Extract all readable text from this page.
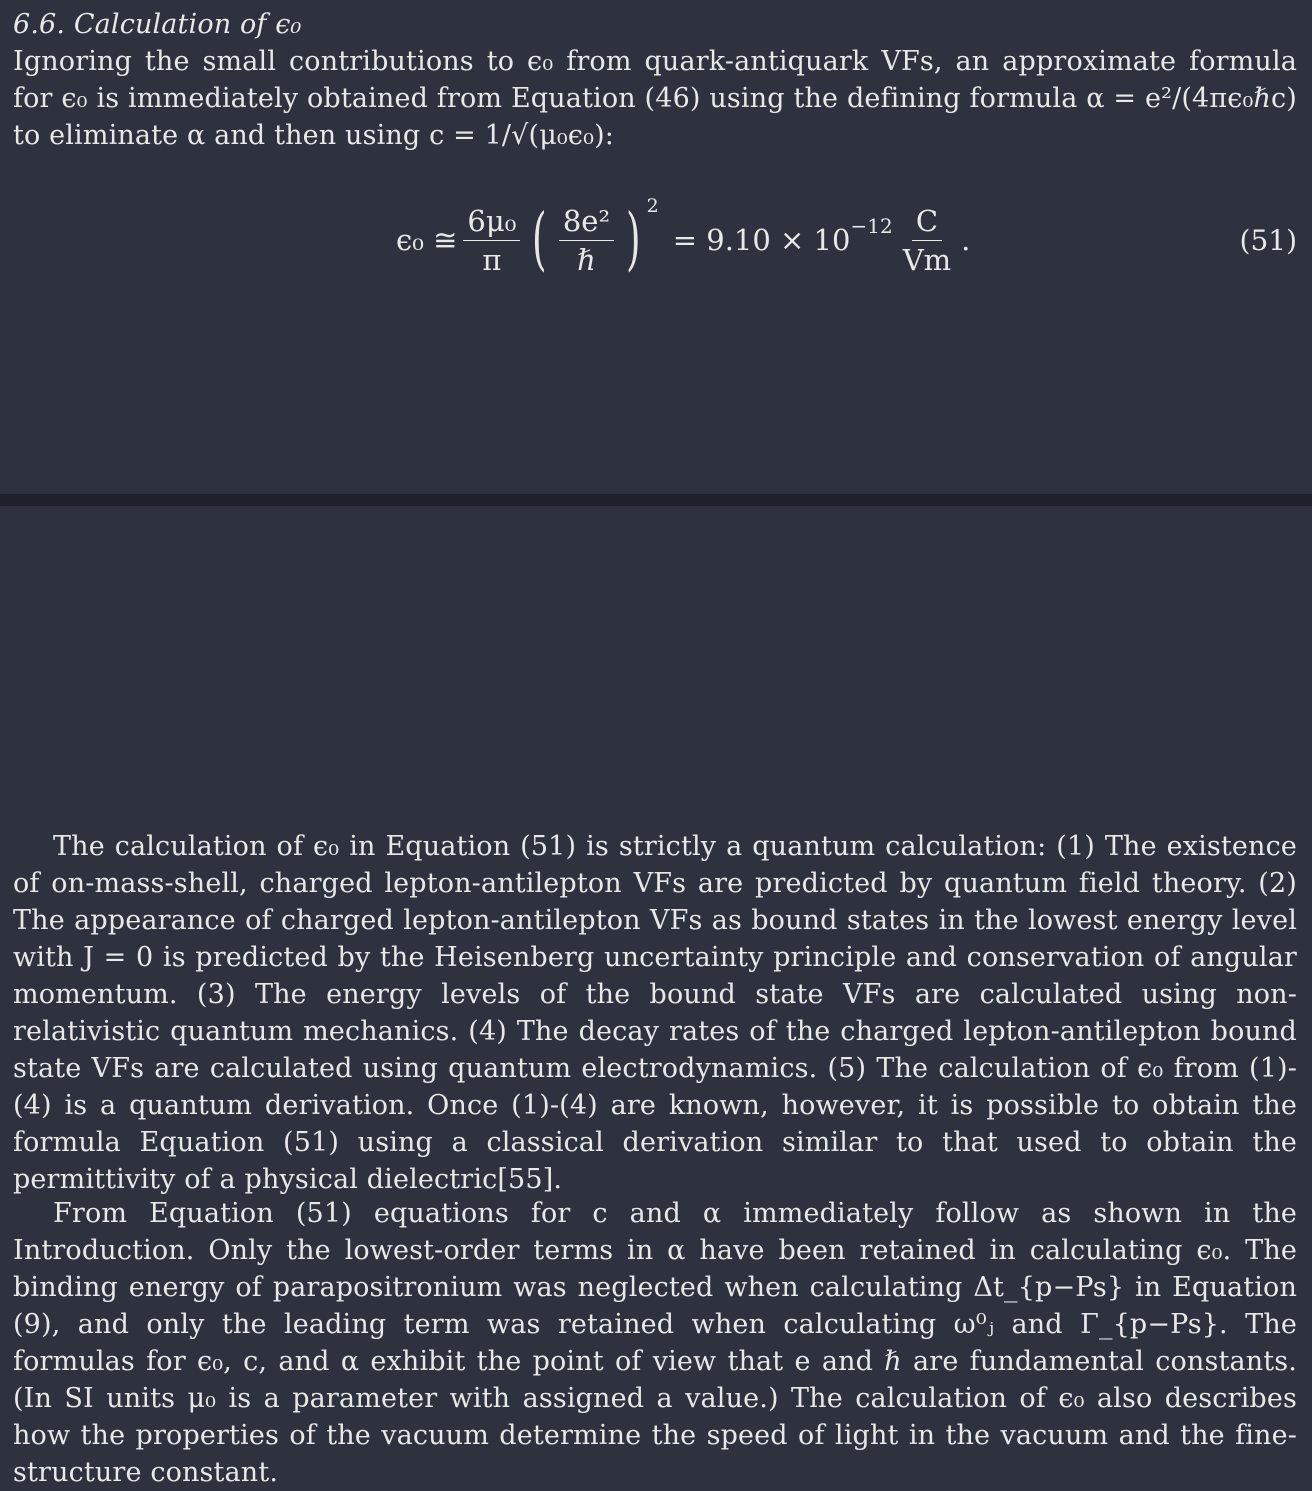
6.6. Calculation of ϵ₀
Ignoring the small contributions to ϵ₀ from quark-antiquark VFs, an approximate formula for ϵ₀ is immediately obtained from Equation (46) using the defining formula α = e²/(4πϵ₀ℏc) to eliminate α and then using c = 1/√(μ₀ϵ₀):
ϵ₀ ≅ $\frac{\text{6μ₀}}{\pi}$ ( $\frac{\text{8e²}}{\text{ℏ}}$ ) 2
= $9.10 \times 10 -12 \frac{C}{Vm}$ .	(51)
The calculation of ϵ₀ in Equation (51) is strictly a quantum calculation: (1) The existence of on-mass-shell, charged lepton-antilepton VFs are predicted by quantum field theory. (2) The appearance of charged lepton-antilepton VFs as bound states in the lowest energy level with J = 0 is predicted by the Heisenberg uncertainty principle and conservation of angular momentum. (3) The energy levels of the bound state VFs are calculated using non-relativistic quantum mechanics. (4) The decay rates of the charged lepton-antilepton bound state VFs are calculated using quantum electrodynamics. (5) The calculation of ϵ₀ from (1)-(4) is a quantum derivation. Once (1)-(4) are known, however, it is possible to obtain the formula Equation (51) using a classical derivation similar to that used to obtain the permittivity of a physical dielectric[55].
From Equation (51) equations for c and α immediately follow as shown in the Introduction. Only the lowest-order terms in α have been retained in calculating ϵ₀. The binding energy of parapositronium was neglected when calculating Δt_{p−Ps} in Equation (9), and only the leading term was retained when calculating ω⁰ⱼ and Γ_{p−Ps}. The formulas for ϵ₀, c, and α exhibit the point of view that e and ℏ are fundamental constants. (In SI units μ₀ is a parameter with assigned a value.) The calculation of ϵ₀ also describes how the properties of the vacuum determine the speed of light in the vacuum and the fine-structure constant.
